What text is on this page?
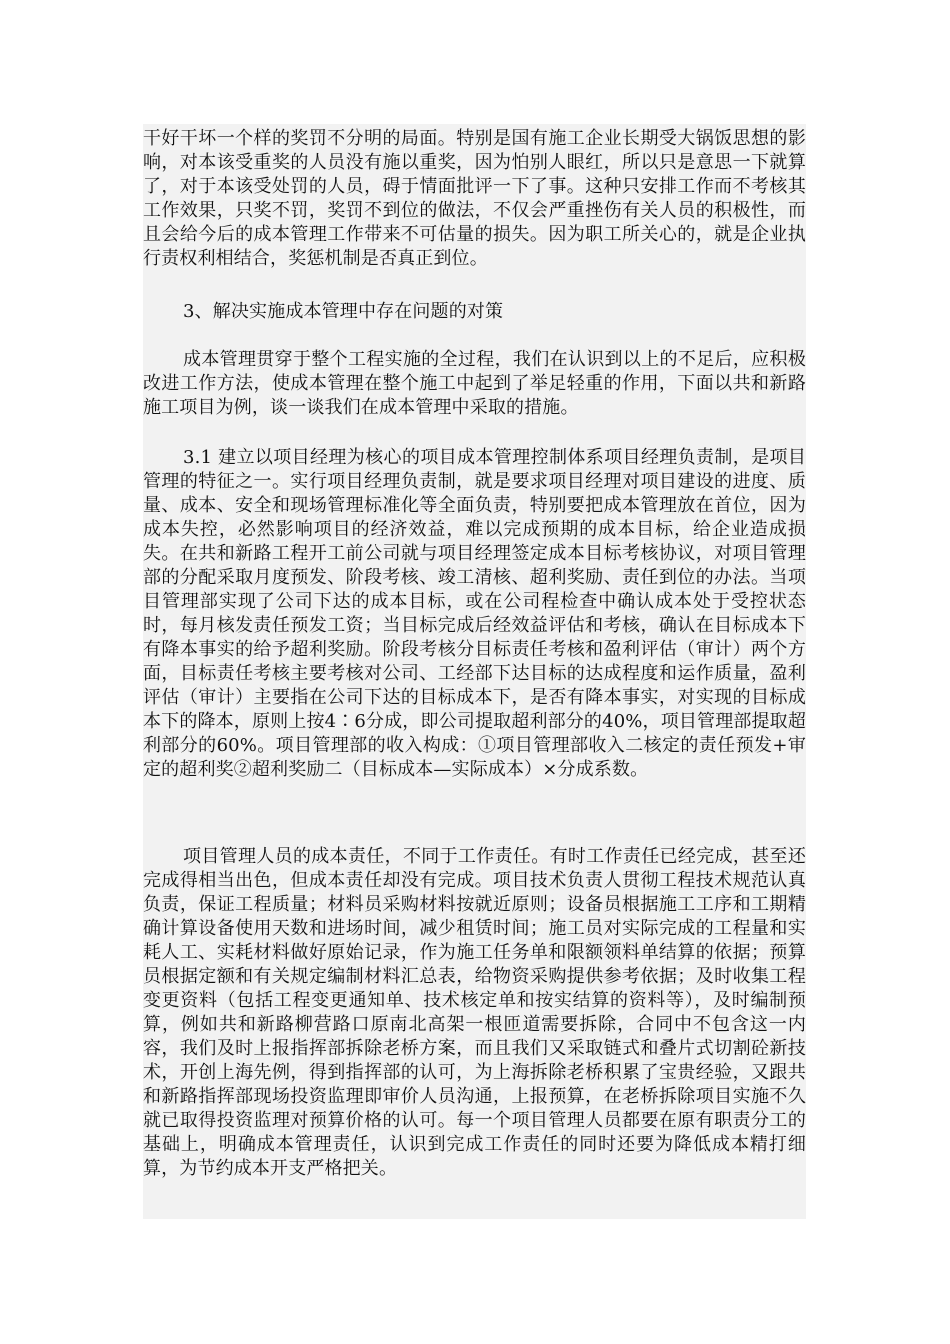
干好干坏一个样的奖罚不分明的局面。特别是国有施工企业长期受大锅饭思想的影响，对本该受重奖的人员没有施以重奖，因为怕别人眼红，所以只是意思一下就算了，对于本该受处罚的人员，碍于情面批评一下了事。这种只安排工作而不考核其工作效果，只奖不罚，奖罚不到位的做法，不仅会严重挫伤有关人员的积极性，而且会给今后的成本管理工作带来不可估量的损失。因为职工所关心的，就是企业执行责权利相结合，奖惩机制是否真正到位。

3、解决实施成本管理中存在问题的对策

成本管理贯穿于整个工程实施的全过程，我们在认识到以上的不足后，应积极改进工作方法，使成本管理在整个施工中起到了举足轻重的作用，下面以共和新路施工项目为例，谈一谈我们在成本管理中采取的措施。

3.1 建立以项目经理为核心的项目成本管理控制体系项目经理负责制，是项目管理的特征之一。实行项目经理负责制，就是要求项目经理对项目建设的进度、质量、成本、安全和现场管理标准化等全面负责，特别要把成本管理放在首位，因为成本失控，必然影响项目的经济效益，难以完成预期的成本目标，给企业造成损失。在共和新路工程开工前公司就与项目经理签定成本目标考核协议，对项目管理部的分配采取月度预发、阶段考核、竣工清核、超利奖励、责任到位的办法。当项目管理部实现了公司下达的成本目标，或在公司程检查中确认成本处于受控状态时，每月核发责任预发工资；当目标完成后经效益评估和考核，确认在目标成本下有降本事实的给予超利奖励。阶段考核分目标责任考核和盈利评估（审计）两个方面，目标责任考核主要考核对公司、工经部下达目标的达成程度和运作质量，盈利评估（审计）主要指在公司下达的目标成本下，是否有降本事实，对实现的目标成本下的降本，原则上按4∶6分成，即公司提取超利部分的40%，项目管理部提取超利部分的60%。项目管理部的收入构成：①项目管理部收入二核定的责任预发+审定的超利奖②超利奖励二（目标成本—实际成本）×分成系数。

项目管理人员的成本责任，不同于工作责任。有时工作责任已经完成，甚至还完成得相当出色，但成本责任却没有完成。项目技术负责人贯彻工程技术规范认真负责，保证工程质量；材料员采购材料按就近原则；设备员根据施工工序和工期精确计算设备使用天数和进场时间，减少租赁时间；施工员对实际完成的工程量和实耗人工、实耗材料做好原始记录，作为施工任务单和限额领料单结算的依据；预算员根据定额和有关规定编制材料汇总表，给物资采购提供参考依据；及时收集工程变更资料（包括工程变更通知单、技术核定单和按实结算的资料等），及时编制预算，例如共和新路柳营路口原南北高架一根匝道需要拆除，合同中不包含这一内容，我们及时上报指挥部拆除老桥方案，而且我们又采取链式和叠片式切割砼新技术，开创上海先例，得到指挥部的认可，为上海拆除老桥积累了宝贵经验，又跟共和新路指挥部现场投资监理即审价人员沟通，上报预算，在老桥拆除项目实施不久就已取得投资监理对预算价格的认可。每一个项目管理人员都要在原有职责分工的基础上，明确成本管理责任，认识到完成工作责任的同时还要为降低成本精打细算，为节约成本开支严格把关。
